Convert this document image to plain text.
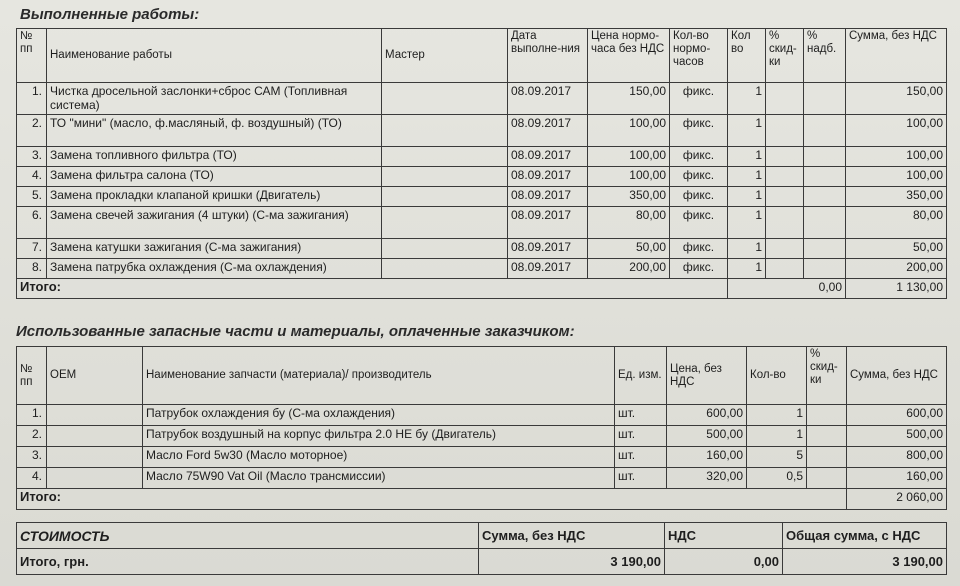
Выполненные работы:
№ пп	Наименование работы	Мастер	Дата выполне-ния	Цена нормо-часа без НДС	Кол-во нормо-часов	Кол во	% скид-ки	% надб.	Сумма, без НДС
1.	Чистка дросельной заслонки+сброс САМ (Топливная система)		08.09.2017	150,00	фикс.	1			150,00
2.	ТО "мини" (масло, ф.масляный, ф. воздушный) (ТО)		08.09.2017	100,00	фикс.	1			100,00
3.	Замена топливного фильтра (ТО)		08.09.2017	100,00	фикс.	1			100,00
4.	Замена фильтра салона (ТО)		08.09.2017	100,00	фикс.	1			100,00
5.	Замена прокладки клапаной кришки (Двигатель)		08.09.2017	350,00	фикс.	1			350,00
6.	Замена свечей зажигания (4 штуки) (С-ма зажигания)		08.09.2017	80,00	фикс.	1			80,00
7.	Замена катушки зажигания (С-ма зажигания)		08.09.2017	50,00	фикс.	1			50,00
8.	Замена патрубка охлаждения (С-ма охлаждения)		08.09.2017	200,00	фикс.	1			200,00
Итого:						0,00			1 130,00
Использованные запасные части и материалы, оплаченные заказчиком:
№ пп	OEM	Наименование запчасти (материала)/ производитель	Ед. изм.	Цена, без НДС	Кол-во	% скид-ки	Сумма, без НДС
1.		Патрубок охлаждения бу (С-ма охлаждения)	шт.	600,00	1		600,00
2.		Патрубок воздушный на корпус фильтра 2.0 НЕ бу (Двигатель)	шт.	500,00	1		500,00
3.		Масло Ford 5w30 (Масло моторное)	шт.	160,00	5		800,00
4.		Масло 75W90 Vat Oil (Масло трансмиссии)	шт.	320,00	0,5		160,00
Итого:							2 060,00
СТОИМОСТЬ	Сумма, без НДС	НДС	Общая сумма, с НДС
Итого, грн.	3 190,00	0,00	3 190,00
